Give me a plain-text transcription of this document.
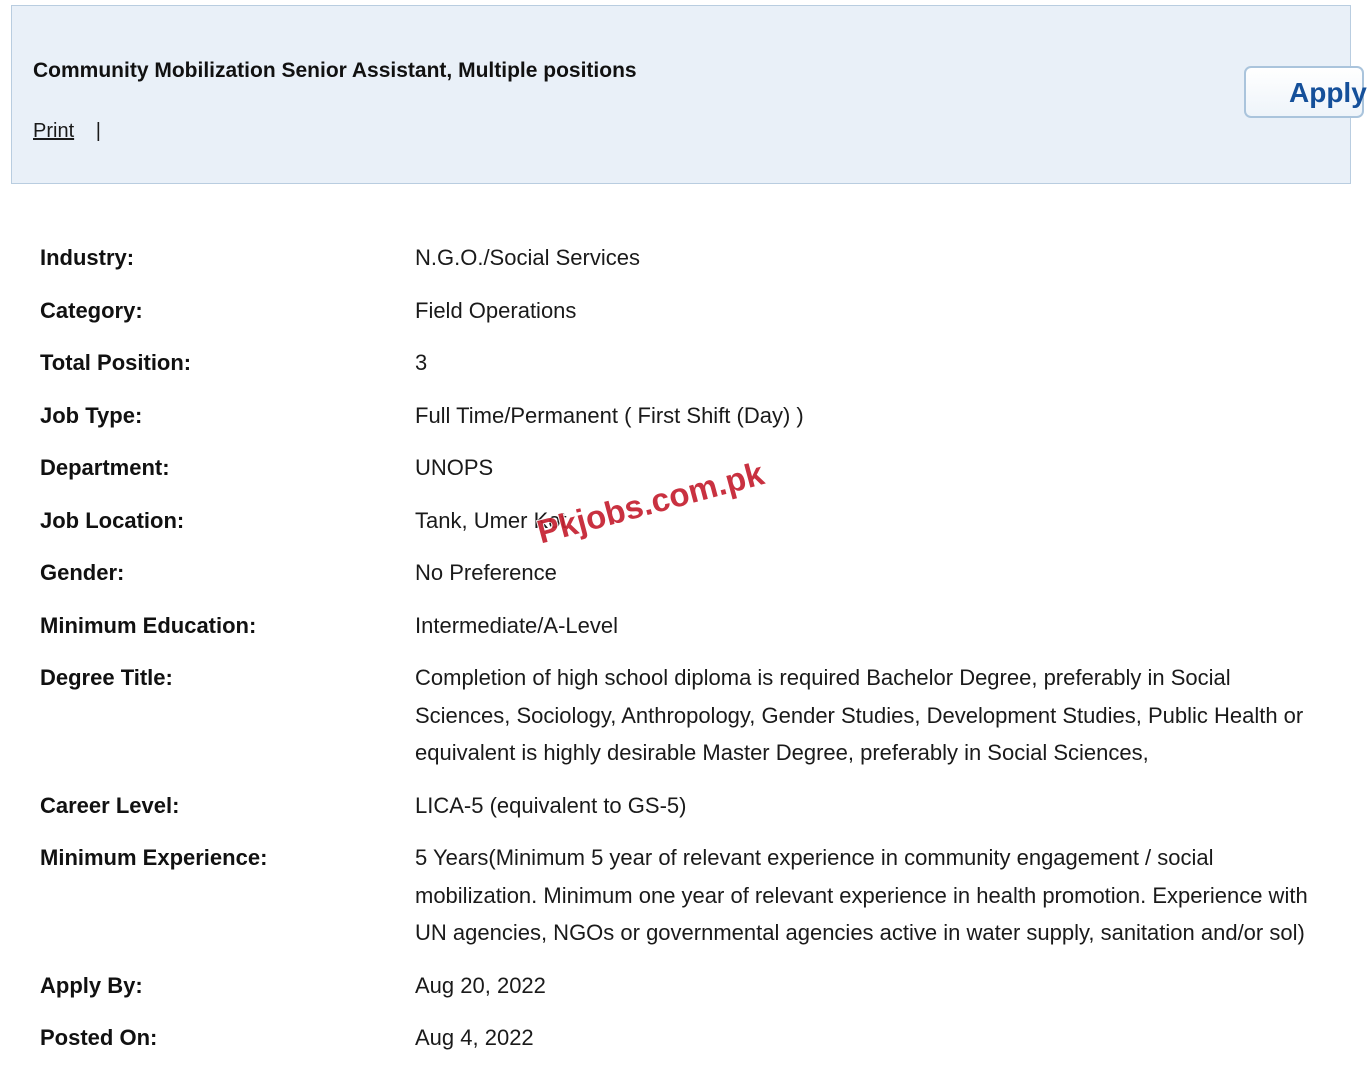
Community Mobilization Senior Assistant, Multiple positions
Print |
Apply
Industry:	N.G.O./Social Services
Category:	Field Operations
Total Position:	3
Job Type:	Full Time/Permanent ( First Shift (Day) )
Department:	UNOPS
Job Location:	Tank, Umer Kot
Gender:	No Preference
Minimum Education:	Intermediate/A-Level
Degree Title:	Completion of high school diploma is required Bachelor Degree, preferably in Social Sciences, Sociology, Anthropology, Gender Studies, Development Studies, Public Health or equivalent is highly desirable Master Degree, preferably in Social Sciences,
Career Level:	LICA-5 (equivalent to GS-5)
Minimum Experience:	5 Years(Minimum 5 year of relevant experience in community engagement / social mobilization. Minimum one year of relevant experience in health promotion. Experience with UN agencies, NGOs or governmental agencies active in water supply, sanitation and/or sol)
Apply By:	Aug 20, 2022
Posted On:	Aug 4, 2022
Pkjobs.com.pk
